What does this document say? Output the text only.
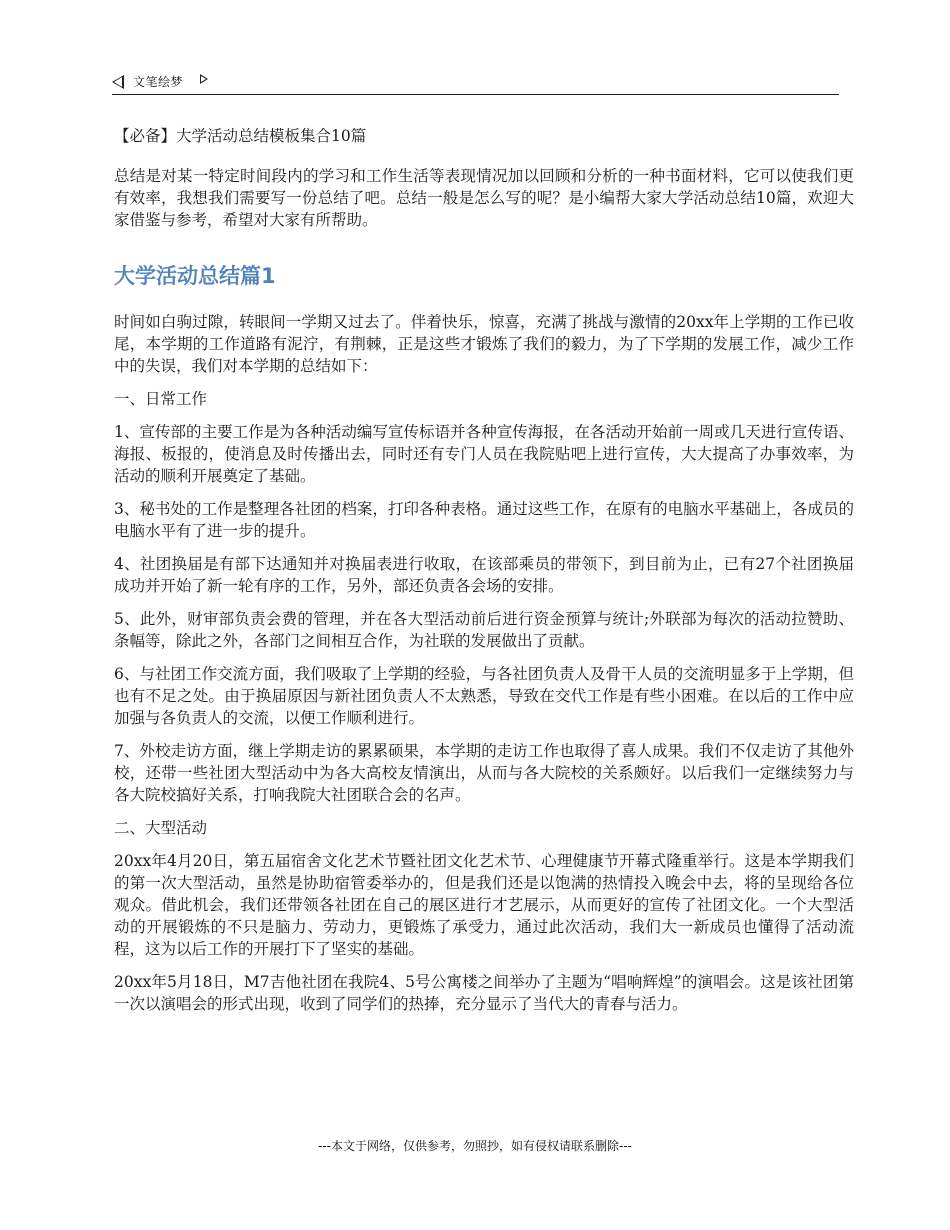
文笔绘梦
【必备】大学活动总结模板集合10篇
总结是对某一特定时间段内的学习和工作生活等表现情况加以回顾和分析的一种书面材料，它可以使我们更有效率，我想我们需要写一份总结了吧。总结一般是怎么写的呢？是小编帮大家大学活动总结10篇，欢迎大家借鉴与参考，希望对大家有所帮助。
大学活动总结篇1
时间如白驹过隙，转眼间一学期又过去了。伴着快乐，惊喜，充满了挑战与激情的20xx年上学期的工作已收尾，本学期的工作道路有泥泞，有荆棘，正是这些才锻炼了我们的毅力，为了下学期的发展工作，减少工作中的失误，我们对本学期的总结如下：
一、日常工作
1、宣传部的主要工作是为各种活动编写宣传标语并各种宣传海报，在各活动开始前一周或几天进行宣传语、海报、板报的，使消息及时传播出去，同时还有专门人员在我院贴吧上进行宣传，大大提高了办事效率，为活动的顺利开展奠定了基础。
3、秘书处的工作是整理各社团的档案，打印各种表格。通过这些工作，在原有的电脑水平基础上，各成员的电脑水平有了进一步的提升。
4、社团换届是有部下达通知并对换届表进行收取，在该部乘员的带领下，到目前为止，已有27个社团换届成功并开始了新一轮有序的工作，另外，部还负责各会场的安排。
5、此外，财审部负责会费的管理，并在各大型活动前后进行资金预算与统计;外联部为每次的活动拉赞助、条幅等，除此之外，各部门之间相互合作，为社联的发展做出了贡献。
6、与社团工作交流方面，我们吸取了上学期的经验，与各社团负责人及骨干人员的交流明显多于上学期，但也有不足之处。由于换届原因与新社团负责人不太熟悉，导致在交代工作是有些小困难。在以后的工作中应加强与各负责人的交流，以便工作顺利进行。
7、外校走访方面，继上学期走访的累累硕果，本学期的走访工作也取得了喜人成果。我们不仅走访了其他外校，还带一些社团大型活动中为各大高校友情演出，从而与各大院校的关系颇好。以后我们一定继续努力与各大院校搞好关系，打响我院大社团联合会的名声。
二、大型活动
20xx年4月20日，第五届宿舍文化艺术节暨社团文化艺术节、心理健康节开幕式隆重举行。这是本学期我们的第一次大型活动，虽然是协助宿管委举办的，但是我们还是以饱满的热情投入晚会中去，将的呈现给各位观众。借此机会，我们还带领各社团在自己的展区进行才艺展示，从而更好的宣传了社团文化。一个大型活动的开展锻炼的不只是脑力、劳动力，更锻炼了承受力，通过此次活动，我们大一新成员也懂得了活动流程，这为以后工作的开展打下了坚实的基础。
20xx年5月18日，M7吉他社团在我院4、5号公寓楼之间举办了主题为“唱响辉煌”的演唱会。这是该社团第一次以演唱会的形式出现，收到了同学们的热捧，充分显示了当代大的青春与活力。
---本文于网络，仅供参考，勿照抄，如有侵权请联系删除---
